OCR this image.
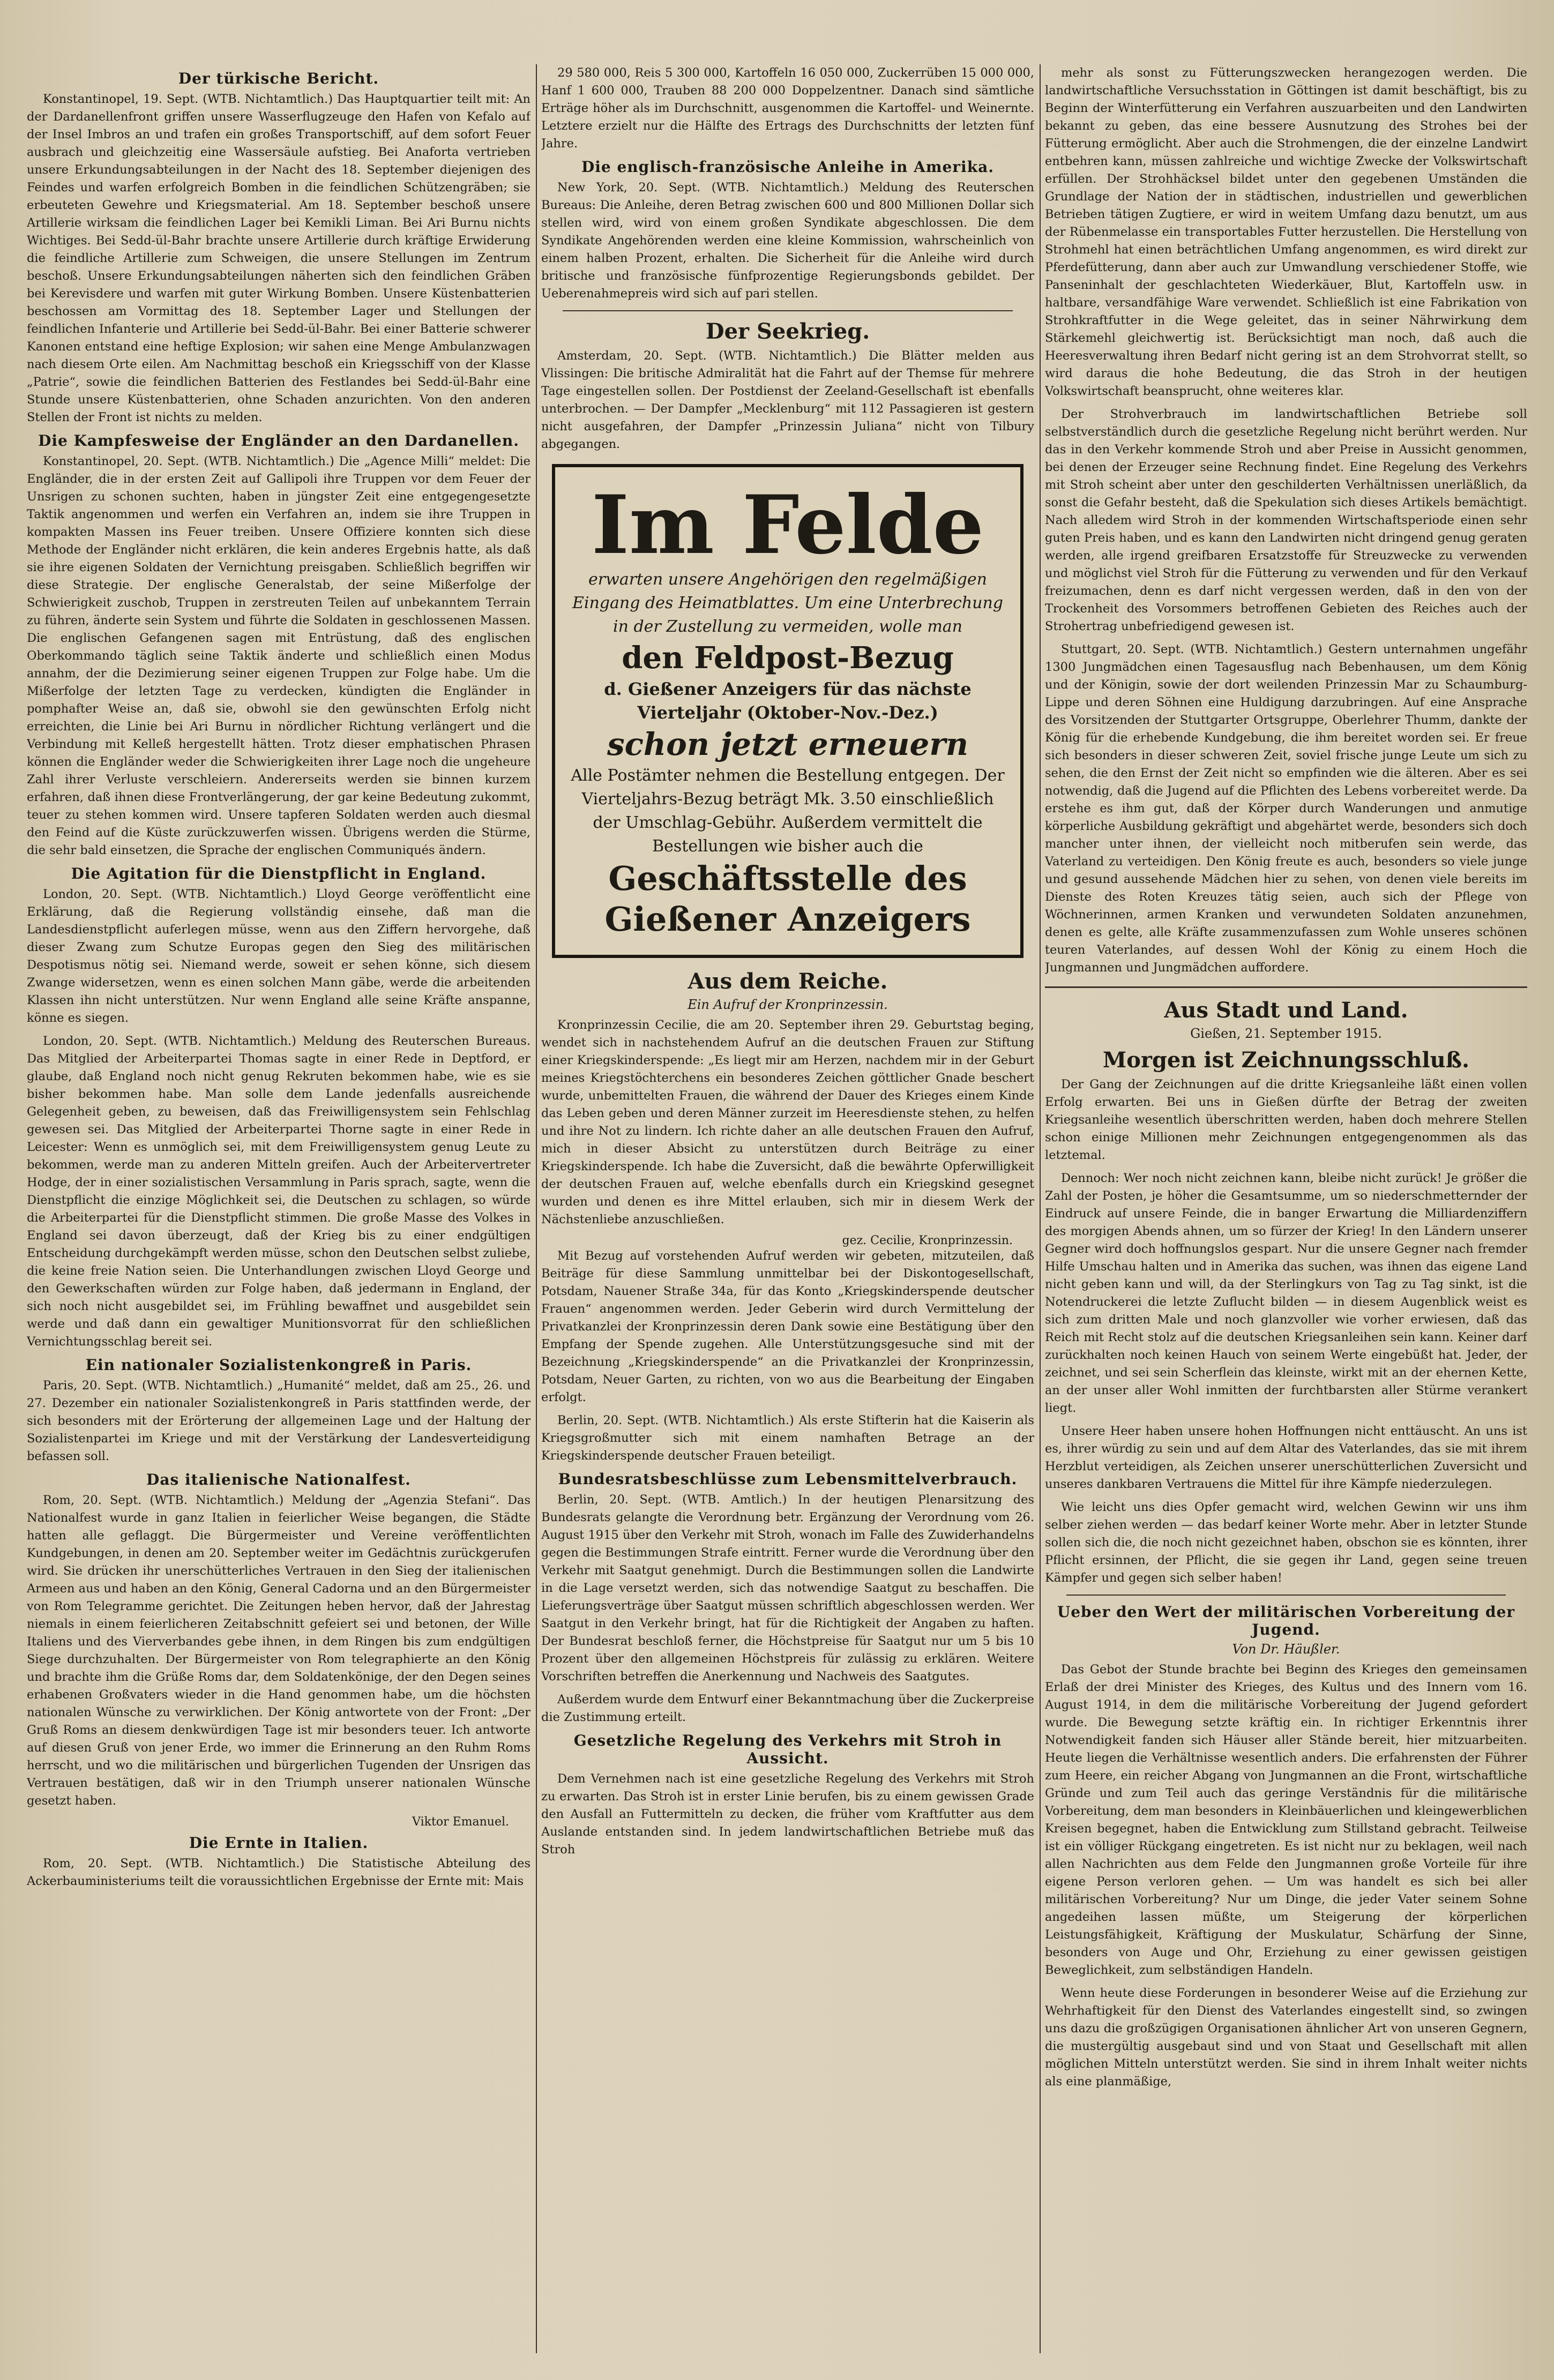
Der türkische Bericht.

Konstantinopel, 19. Sept. (WTB. Nichtamtlich.) Das Hauptquartier teilt mit: An der Dardanellenfront griffen unsere Wasserflugzeuge den Hafen von Kefalo auf der Insel Imbros an und trafen ein großes Transportschiff, auf dem sofort Feuer ausbrach und gleichzeitig eine Wassersäule aufstieg. Bei Anaforta vertrieben unsere Erkundungsabteilungen in der Nacht des 18. September diejenigen des Feindes und warfen erfolgreich Bomben in die feindlichen Schützengräben; sie erbeuteten Gewehre und Kriegsmaterial. Am 18. September beschoß unsere Artillerie wirksam die feindlichen Lager bei Kemikli Liman. Bei Ari Burnu nichts Wichtiges. Bei Sedd-ül-Bahr brachte unsere Artillerie durch kräftige Erwiderung die feindliche Artillerie zum Schweigen, die unsere Stellungen im Zentrum beschoß. Unsere Erkundungsabteilungen näherten sich den feindlichen Gräben bei Kerevisdere und warfen mit guter Wirkung Bomben. Unsere Küstenbatterien beschossen am Vormittag des 18. September Lager und Stellungen der feindlichen Infanterie und Artillerie bei Sedd-ül-Bahr. Bei einer Batterie schwerer Kanonen entstand eine heftige Explosion; wir sahen eine Menge Ambulanzwagen nach diesem Orte eilen. Am Nachmittag beschoß ein Kriegsschiff von der Klasse „Patrie“, sowie die feindlichen Batterien des Festlandes bei Sedd-ül-Bahr eine Stunde unsere Küstenbatterien, ohne Schaden anzurichten. Von den anderen Stellen der Front ist nichts zu melden.

Die Kampfesweise der Engländer an den Dardanellen.

Konstantinopel, 20. Sept. (WTB. Nichtamtlich.) Die „Agence Milli“ meldet: Die Engländer, die in der ersten Zeit auf Gallipoli ihre Truppen vor dem Feuer der Unsrigen zu schonen suchten, haben in jüngster Zeit eine entgegengesetzte Taktik angenommen und werfen ein Verfahren an, indem sie ihre Truppen in kompakten Massen ins Feuer treiben. Unsere Offiziere konnten sich diese Methode der Engländer nicht erklären, die kein anderes Ergebnis hatte, als daß sie ihre eigenen Soldaten der Vernichtung preisgaben. Schließlich begriffen wir diese Strategie. Der englische Generalstab, der seine Mißerfolge der Schwierigkeit zuschob, Truppen in zerstreuten Teilen auf unbekanntem Terrain zu führen, änderte sein System und führte die Soldaten in geschlossenen Massen. Die englischen Gefangenen sagen mit Entrüstung, daß des englischen Oberkommando täglich seine Taktik änderte und schließlich einen Modus annahm, der die Dezimierung seiner eigenen Truppen zur Folge habe. Um die Mißerfolge der letzten Tage zu verdecken, kündigten die Engländer in pomphafter Weise an, daß sie, obwohl sie den gewünschten Erfolg nicht erreichten, die Linie bei Ari Burnu in nördlicher Richtung verlängert und die Verbindung mit Kelleß hergestellt hätten. Trotz dieser emphatischen Phrasen können die Engländer weder die Schwierigkeiten ihrer Lage noch die ungeheure Zahl ihrer Verluste verschleiern. Andererseits werden sie binnen kurzem erfahren, daß ihnen diese Frontverlängerung, der gar keine Bedeutung zukommt, teuer zu stehen kommen wird. Unsere tapferen Soldaten werden auch diesmal den Feind auf die Küste zurückzuwerfen wissen. Übrigens werden die Stürme, die sehr bald einsetzen, die Sprache der englischen Communiqués ändern.

Die Agitation für die Dienstpflicht in England.

London, 20. Sept. (WTB. Nichtamtlich.) Lloyd George veröffentlicht eine Erklärung, daß die Regierung vollständig einsehe, daß man die Landesdienstpflicht auferlegen müsse, wenn aus den Ziffern hervorgehe, daß dieser Zwang zum Schutze Europas gegen den Sieg des militärischen Despotismus nötig sei. Niemand werde, soweit er sehen könne, sich diesem Zwange widersetzen, wenn es einen solchen Mann gäbe, werde die arbeitenden Klassen ihn nicht unterstützen. Nur wenn England alle seine Kräfte anspanne, könne es siegen.

London, 20. Sept. (WTB. Nichtamtlich.) Meldung des Reuterschen Bureaus. Das Mitglied der Arbeiterpartei Thomas sagte in einer Rede in Deptford, er glaube, daß England noch nicht genug Rekruten bekommen habe, wie es sie bisher bekommen habe. Man solle dem Lande jedenfalls ausreichende Gelegenheit geben, zu beweisen, daß das Freiwilligensystem sein Fehlschlag gewesen sei. Das Mitglied der Arbeiterpartei Thorne sagte in einer Rede in Leicester: Wenn es unmöglich sei, mit dem Freiwilligensystem genug Leute zu bekommen, werde man zu anderen Mitteln greifen. Auch der Arbeitervertreter Hodge, der in einer sozialistischen Versammlung in Paris sprach, sagte, wenn die Dienstpflicht die einzige Möglichkeit sei, die Deutschen zu schlagen, so würde die Arbeiterpartei für die Dienstpflicht stimmen. Die große Masse des Volkes in England sei davon überzeugt, daß der Krieg bis zu einer endgültigen Entscheidung durchgekämpft werden müsse, schon den Deutschen selbst zuliebe, die keine freie Nation seien. Die Unterhandlungen zwischen Lloyd George und den Gewerkschaften würden zur Folge haben, daß jedermann in England, der sich noch nicht ausgebildet sei, im Frühling bewaffnet und ausgebildet sein werde und daß dann ein gewaltiger Munitionsvorrat für den schließlichen Vernichtungsschlag bereit sei.

Ein nationaler Sozialistenkongreß in Paris.

Paris, 20. Sept. (WTB. Nichtamtlich.) „Humanité“ meldet, daß am 25., 26. und 27. Dezember ein nationaler Sozialistenkongreß in Paris stattfinden werde, der sich besonders mit der Erörterung der allgemeinen Lage und der Haltung der Sozialistenpartei im Kriege und mit der Verstärkung der Landesverteidigung befassen soll.

Das italienische Nationalfest.

Rom, 20. Sept. (WTB. Nichtamtlich.) Meldung der „Agenzia Stefani“. Das Nationalfest wurde in ganz Italien in feierlicher Weise begangen, die Städte hatten alle geflaggt. Die Bürgermeister und Vereine veröffentlichten Kundgebungen, in denen am 20. September weiter im Gedächtnis zurückgerufen wird. Sie drücken ihr unerschütterliches Vertrauen in den Sieg der italienischen Armeen aus und haben an den König, General Cadorna und an den Bürgermeister von Rom Telegramme gerichtet. Die Zeitungen heben hervor, daß der Jahrestag niemals in einem feierlicheren Zeitabschnitt gefeiert sei und betonen, der Wille Italiens und des Vierverbandes gebe ihnen, in dem Ringen bis zum endgültigen Siege durchzuhalten. Der Bürgermeister von Rom telegraphierte an den König und brachte ihm die Grüße Roms dar, dem Soldatenkönige, der den Degen seines erhabenen Großvaters wieder in die Hand genommen habe, um die höchsten nationalen Wünsche zu verwirklichen. Der König antwortete von der Front: „Der Gruß Roms an diesem denkwürdigen Tage ist mir besonders teuer. Ich antworte auf diesen Gruß von jener Erde, wo immer die Erinnerung an den Ruhm Roms herrscht, und wo die militärischen und bürgerlichen Tugenden der Unsrigen das Vertrauen bestätigen, daß wir in den Triumph unserer nationalen Wünsche gesetzt haben.

Viktor Emanuel.
Die Ernte in Italien.

Rom, 20. Sept. (WTB. Nichtamtlich.) Die Statistische Abteilung des Ackerbauministeriums teilt die voraussichtlichen Ergebnisse der Ernte mit: Mais

29 580 000, Reis 5 300 000, Kartoffeln 16 050 000, Zuckerrüben 15 000 000, Hanf 1 600 000, Trauben 88 200 000 Doppelzentner. Danach sind sämtliche Erträge höher als im Durchschnitt, ausgenommen die Kartoffel- und Weinernte. Letztere erzielt nur die Hälfte des Ertrags des Durchschnitts der letzten fünf Jahre.

Die englisch-französische Anleihe in Amerika.

New York, 20. Sept. (WTB. Nichtamtlich.) Meldung des Reuterschen Bureaus: Die Anleihe, deren Betrag zwischen 600 und 800 Millionen Dollar sich stellen wird, wird von einem großen Syndikate abgeschlossen. Die dem Syndikate Angehörenden werden eine kleine Kommission, wahrscheinlich von einem halben Prozent, erhalten. Die Sicherheit für die Anleihe wird durch britische und französische fünfprozentige Regierungsbonds gebildet. Der Ueberenahmepreis wird sich auf pari stellen.

Der Seekrieg.

Amsterdam, 20. Sept. (WTB. Nichtamtlich.) Die Blätter melden aus Vlissingen: Die britische Admiralität hat die Fahrt auf der Themse für mehrere Tage eingestellen sollen. Der Postdienst der Zeeland-Gesellschaft ist ebenfalls unterbrochen. — Der Dampfer „Mecklenburg“ mit 112 Passagieren ist gestern nicht ausgefahren, der Dampfer „Prinzessin Juliana“ nicht von Tilbury abgegangen.

Im Felde
erwarten unsere Angehörigen den regelmäßigen Eingang des Heimatblattes. Um eine Unterbrechung in der Zustellung zu vermeiden, wolle man
den Feldpost-Bezug
d. Gießener Anzeigers für das nächste Vierteljahr (Oktober-Nov.-Dez.)
schon jetzt erneuern
Alle Postämter nehmen die Bestellung entgegen. Der Vierteljahrs-Bezug beträgt Mk. 3.50 einschließlich der Umschlag-Gebühr. Außerdem vermittelt die Bestellungen wie bisher auch die
Geschäftsstelle des Gießener Anzeigers
Aus dem Reiche.
Ein Aufruf der Kronprinzessin.

Kronprinzessin Cecilie, die am 20. September ihren 29. Geburtstag beging, wendet sich in nachstehendem Aufruf an die deutschen Frauen zur Stiftung einer Kriegskinderspende: „Es liegt mir am Herzen, nachdem mir in der Geburt meines Kriegstöchterchens ein besonderes Zeichen göttlicher Gnade beschert wurde, unbemittelten Frauen, die während der Dauer des Krieges einem Kinde das Leben geben und deren Männer zurzeit im Heeresdienste stehen, zu helfen und ihre Not zu lindern. Ich richte daher an alle deutschen Frauen den Aufruf, mich in dieser Absicht zu unterstützen durch Beiträge zu einer Kriegskinderspende. Ich habe die Zuversicht, daß die bewährte Opferwilligkeit der deutschen Frauen auf, welche ebenfalls durch ein Kriegskind gesegnet wurden und denen es ihre Mittel erlauben, sich mir in diesem Werk der Nächstenliebe anzuschließen.

gez. Cecilie, Kronprinzessin.

Mit Bezug auf vorstehenden Aufruf werden wir gebeten, mitzuteilen, daß Beiträge für diese Sammlung unmittelbar bei der Diskontogesellschaft, Potsdam, Nauener Straße 34a, für das Konto „Kriegskinderspende deutscher Frauen“ angenommen werden. Jeder Geberin wird durch Vermittelung der Privatkanzlei der Kronprinzessin deren Dank sowie eine Bestätigung über den Empfang der Spende zugehen. Alle Unterstützungsgesuche sind mit der Bezeichnung „Kriegskinderspende“ an die Privatkanzlei der Kronprinzessin, Potsdam, Neuer Garten, zu richten, von wo aus die Bearbeitung der Eingaben erfolgt.

Berlin, 20. Sept. (WTB. Nichtamtlich.) Als erste Stifterin hat die Kaiserin als Kriegsgroßmutter sich mit einem namhaften Betrage an der Kriegskinderspende deutscher Frauen beteiligt.

Bundesratsbeschlüsse zum Lebensmittelverbrauch.

Berlin, 20. Sept. (WTB. Amtlich.) In der heutigen Plenarsitzung des Bundesrats gelangte die Verordnung betr. Ergänzung der Verordnung vom 26. August 1915 über den Verkehr mit Stroh, wonach im Falle des Zuwiderhandelns gegen die Bestimmungen Strafe eintritt. Ferner wurde die Verordnung über den Verkehr mit Saatgut genehmigt. Durch die Bestimmungen sollen die Landwirte in die Lage versetzt werden, sich das notwendige Saatgut zu beschaffen. Die Lieferungsverträge über Saatgut müssen schriftlich abgeschlossen werden. Wer Saatgut in den Verkehr bringt, hat für die Richtigkeit der Angaben zu haften. Der Bundesrat beschloß ferner, die Höchstpreise für Saatgut nur um 5 bis 10 Prozent über den allgemeinen Höchstpreis für zulässig zu erklären. Weitere Vorschriften betreffen die Anerkennung und Nachweis des Saatgutes.

Außerdem wurde dem Entwurf einer Bekanntmachung über die Zuckerpreise die Zustimmung erteilt.

Gesetzliche Regelung des Verkehrs mit Stroh in Aussicht.

Dem Vernehmen nach ist eine gesetzliche Regelung des Verkehrs mit Stroh zu erwarten. Das Stroh ist in erster Linie berufen, bis zu einem gewissen Grade den Ausfall an Futtermitteln zu decken, die früher vom Kraftfutter aus dem Auslande entstanden sind. In jedem landwirtschaftlichen Betriebe muß das Stroh

mehr als sonst zu Fütterungszwecken herangezogen werden. Die landwirtschaftliche Versuchsstation in Göttingen ist damit beschäftigt, bis zu Beginn der Winterfütterung ein Verfahren auszuarbeiten und den Landwirten bekannt zu geben, das eine bessere Ausnutzung des Strohes bei der Fütterung ermöglicht. Aber auch die Strohmengen, die der einzelne Landwirt entbehren kann, müssen zahlreiche und wichtige Zwecke der Volkswirtschaft erfüllen. Der Strohhäcksel bildet unter den gegebenen Umständen die Grundlage der Nation der in städtischen, industriellen und gewerblichen Betrieben tätigen Zugtiere, er wird in weitem Umfang dazu benutzt, um aus der Rübenmelasse ein transportables Futter herzustellen. Die Herstellung von Strohmehl hat einen beträchtlichen Umfang angenommen, es wird direkt zur Pferdefütterung, dann aber auch zur Umwandlung verschiedener Stoffe, wie Panseninhalt der geschlachteten Wiederkäuer, Blut, Kartoffeln usw. in haltbare, versandfähige Ware verwendet. Schließlich ist eine Fabrikation von Strohkraftfutter in die Wege geleitet, das in seiner Nährwirkung dem Stärkemehl gleichwertig ist. Berücksichtigt man noch, daß auch die Heeresverwaltung ihren Bedarf nicht gering ist an dem Strohvorrat stellt, so wird daraus die hohe Bedeutung, die das Stroh in der heutigen Volkswirtschaft beansprucht, ohne weiteres klar.

Der Strohverbrauch im landwirtschaftlichen Betriebe soll selbstverständlich durch die gesetzliche Regelung nicht berührt werden. Nur das in den Verkehr kommende Stroh und aber Preise in Aussicht genommen, bei denen der Erzeuger seine Rechnung findet. Eine Regelung des Verkehrs mit Stroh scheint aber unter den geschilderten Verhältnissen unerläßlich, da sonst die Gefahr besteht, daß die Spekulation sich dieses Artikels bemächtigt. Nach alledem wird Stroh in der kommenden Wirtschaftsperiode einen sehr guten Preis haben, und es kann den Landwirten nicht dringend genug geraten werden, alle irgend greifbaren Ersatzstoffe für Streuzwecke zu verwenden und möglichst viel Stroh für die Fütterung zu verwenden und für den Verkauf freizumachen, denn es darf nicht vergessen werden, daß in den von der Trockenheit des Vorsommers betroffenen Gebieten des Reiches auch der Strohertrag unbefriedigend gewesen ist.

Stuttgart, 20. Sept. (WTB. Nichtamtlich.) Gestern unternahmen ungefähr 1300 Jungmädchen einen Tagesausflug nach Bebenhausen, um dem König und der Königin, sowie der dort weilenden Prinzessin Mar zu Schaumburg-Lippe und deren Söhnen eine Huldigung darzubringen. Auf eine Ansprache des Vorsitzenden der Stuttgarter Ortsgruppe, Oberlehrer Thumm, dankte der König für die erhebende Kundgebung, die ihm bereitet worden sei. Er freue sich besonders in dieser schweren Zeit, soviel frische junge Leute um sich zu sehen, die den Ernst der Zeit nicht so empfinden wie die älteren. Aber es sei notwendig, daß die Jugend auf die Pflichten des Lebens vorbereitet werde. Da erstehe es ihm gut, daß der Körper durch Wanderungen und anmutige körperliche Ausbildung gekräftigt und abgehärtet werde, besonders sich doch mancher unter ihnen, der vielleicht noch mitberufen sein werde, das Vaterland zu verteidigen. Den König freute es auch, besonders so viele junge und gesund aussehende Mädchen hier zu sehen, von denen viele bereits im Dienste des Roten Kreuzes tätig seien, auch sich der Pflege von Wöchnerinnen, armen Kranken und verwundeten Soldaten anzunehmen, denen es gelte, alle Kräfte zusammenzufassen zum Wohle unseres schönen teuren Vaterlandes, auf dessen Wohl der König zu einem Hoch die Jungmannen und Jungmädchen auffordere.

Aus Stadt und Land.
Gießen, 21. September 1915.
Morgen ist Zeichnungsschluß.

Der Gang der Zeichnungen auf die dritte Kriegsanleihe läßt einen vollen Erfolg erwarten. Bei uns in Gießen dürfte der Betrag der zweiten Kriegsanleihe wesentlich überschritten werden, haben doch mehrere Stellen schon einige Millionen mehr Zeichnungen entgegengenommen als das letztemal.

Dennoch: Wer noch nicht zeichnen kann, bleibe nicht zurück! Je größer die Zahl der Posten, je höher die Gesamtsumme, um so niederschmetternder der Eindruck auf unsere Feinde, die in banger Erwartung die Milliardenziffern des morgigen Abends ahnen, um so fürzer der Krieg! In den Ländern unserer Gegner wird doch hoffnungslos gespart. Nur die unsere Gegner nach fremder Hilfe Umschau halten und in Amerika das suchen, was ihnen das eigene Land nicht geben kann und will, da der Sterlingkurs von Tag zu Tag sinkt, ist die Notendruckerei die letzte Zuflucht bilden — in diesem Augenblick weist es sich zum dritten Male und noch glanzvoller wie vorher erwiesen, daß das Reich mit Recht stolz auf die deutschen Kriegsanleihen sein kann. Keiner darf zurückhalten noch keinen Hauch von seinem Werte eingebüßt hat. Jeder, der zeichnet, und sei sein Scherflein das kleinste, wirkt mit an der ehernen Kette, an der unser aller Wohl inmitten der furchtbarsten aller Stürme verankert liegt.

Unsere Heer haben unsere hohen Hoffnungen nicht enttäuscht. An uns ist es, ihrer würdig zu sein und auf dem Altar des Vaterlandes, das sie mit ihrem Herzblut verteidigen, als Zeichen unserer unerschütterlichen Zuversicht und unseres dankbaren Vertrauens die Mittel für ihre Kämpfe niederzulegen.

Wie leicht uns dies Opfer gemacht wird, welchen Gewinn wir uns ihm selber ziehen werden — das bedarf keiner Worte mehr. Aber in letzter Stunde sollen sich die, die noch nicht gezeichnet haben, obschon sie es könnten, ihrer Pflicht ersinnen, der Pflicht, die sie gegen ihr Land, gegen seine treuen Kämpfer und gegen sich selber haben!

Ueber den Wert der militärischen Vorbereitung der Jugend.
Von Dr. Häußler.

Das Gebot der Stunde brachte bei Beginn des Krieges den gemeinsamen Erlaß der drei Minister des Krieges, des Kultus und des Innern vom 16. August 1914, in dem die militärische Vorbereitung der Jugend gefordert wurde. Die Bewegung setzte kräftig ein. In richtiger Erkenntnis ihrer Notwendigkeit fanden sich Häuser aller Stände bereit, hier mitzuarbeiten. Heute liegen die Verhältnisse wesentlich anders. Die erfahrensten der Führer zum Heere, ein reicher Abgang von Jungmannen an die Front, wirtschaftliche Gründe und zum Teil auch das geringe Verständnis für die militärische Vorbereitung, dem man besonders in Kleinbäuerlichen und kleingewerblichen Kreisen begegnet, haben die Entwicklung zum Stillstand gebracht. Teilweise ist ein völliger Rückgang eingetreten. Es ist nicht nur zu beklagen, weil nach allen Nachrichten aus dem Felde den Jungmannen große Vorteile für ihre eigene Person verloren gehen. — Um was handelt es sich bei aller militärischen Vorbereitung? Nur um Dinge, die jeder Vater seinem Sohne angedeihen lassen müßte, um Steigerung der körperlichen Leistungsfähigkeit, Kräftigung der Muskulatur, Schärfung der Sinne, besonders von Auge und Ohr, Erziehung zu einer gewissen geistigen Beweglichkeit, zum selbständigen Handeln.

Wenn heute diese Forderungen in besonderer Weise auf die Erziehung zur Wehrhaftigkeit für den Dienst des Vaterlandes eingestellt sind, so zwingen uns dazu die großzügigen Organisationen ähnlicher Art von unseren Gegnern, die mustergültig ausgebaut sind und von Staat und Gesellschaft mit allen möglichen Mitteln unterstützt werden. Sie sind in ihrem Inhalt weiter nichts als eine planmäßige,
